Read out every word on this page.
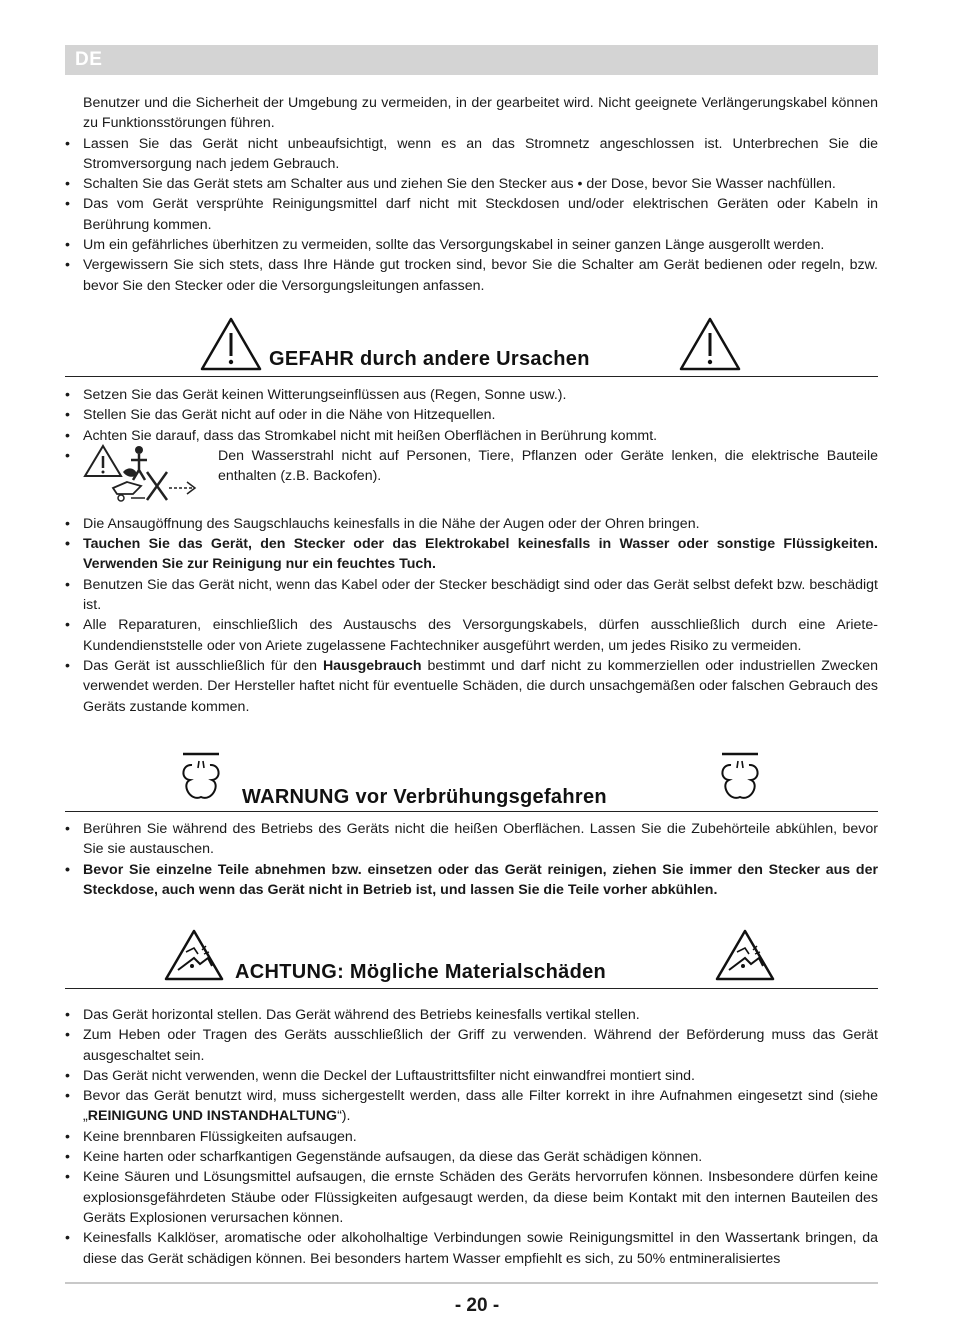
DE

Benutzer und die Sicherheit der Umgebung zu vermeiden, in der gearbeitet wird. Nicht geeignete Verlängerungskabel können zu Funktionsstörungen führen.

• Lassen Sie das Gerät nicht unbeaufsichtigt, wenn es an das Stromnetz angeschlossen ist. Unterbrechen Sie die Stromversorgung nach jedem Gebrauch.
• Schalten Sie das Gerät stets am Schalter aus und ziehen Sie den Stecker aus • der Dose, bevor Sie Wasser nachfüllen.
• Das vom Gerät versprühte Reinigungsmittel darf nicht mit Steckdosen und/oder elektrischen Geräten oder Kabeln in Berührung kommen.
• Um ein gefährliches überhitzen zu vermeiden, sollte das Versorgungskabel in seiner ganzen Länge ausgerollt werden.
• Vergewissern Sie sich stets, dass Ihre Hände gut trocken sind, bevor Sie die Schalter am Gerät bedienen oder regeln, bzw. bevor Sie den Stecker oder die Versorgungsleitungen anfassen.
GEFAHR durch andere Ursachen
• Setzen Sie das Gerät keinen Witterungseinflüssen aus (Regen, Sonne usw.).
• Stellen Sie das Gerät nicht auf oder in die Nähe von Hitzequellen.
• Achten Sie darauf, dass das Stromkabel nicht mit heißen Oberflächen in Berührung kommt.
• Den Wasserstrahl nicht auf Personen, Tiere, Pflanzen oder Geräte lenken, die elektrische Bauteile enthalten (z.B. Backofen).
• Die Ansaugöffnung des Saugschlauchs keinesfalls in die Nähe der Augen oder der Ohren bringen.
• Tauchen Sie das Gerät, den Stecker oder das Elektrokabel keinesfalls in Wasser oder sonstige Flüssigkeiten. Verwenden Sie zur Reinigung nur ein feuchtes Tuch.
• Benutzen Sie das Gerät nicht, wenn das Kabel oder der Stecker beschädigt sind oder das Gerät selbst defekt bzw. beschädigt ist.
• Alle Reparaturen, einschließlich des Austauschs des Versorgungskabels, dürfen ausschließlich durch eine Ariete-Kundendienststelle oder von Ariete zugelassene Fachtechniker ausgeführt werden, um jedes Risiko zu vermeiden.
• Das Gerät ist ausschließlich für den Hausgebrauch bestimmt und darf nicht zu kommerziellen oder industriellen Zwecken verwendet werden. Der Hersteller haftet nicht für eventuelle Schäden, die durch unsachgemäßen oder falschen Gebrauch des Geräts zustande kommen.
WARNUNG vor Verbrühungsgefahren
• Berühren Sie während des Betriebs des Geräts nicht die heißen Oberflächen. Lassen Sie die Zubehörteile abkühlen, bevor Sie sie austauschen.
• Bevor Sie einzelne Teile abnehmen bzw. einsetzen oder das Gerät reinigen, ziehen Sie immer den Stecker aus der Steckdose, auch wenn das Gerät nicht in Betrieb ist, und lassen Sie die Teile vorher abkühlen.
ACHTUNG: Mögliche Materialschäden
• Das Gerät horizontal stellen. Das Gerät während des Betriebs keinesfalls vertikal stellen.
• Zum Heben oder Tragen des Geräts ausschließlich der Griff zu verwenden. Während der Beförderung muss das Gerät ausgeschaltet sein.
• Das Gerät nicht verwenden, wenn die Deckel der Luftaustrittsfilter nicht einwandfrei montiert sind.
• Bevor das Gerät benutzt wird, muss sichergestellt werden, dass alle Filter korrekt in ihre Aufnahmen eingesetzt sind (siehe „REINIGUNG UND INSTANDHALTUNG“).
• Keine brennbaren Flüssigkeiten aufsaugen.
• Keine harten oder scharfkantigen Gegenstände aufsaugen, da diese das Gerät schädigen können.
• Keine Säuren und Lösungsmittel aufsaugen, die ernste Schäden des Geräts hervorrufen können. Insbesondere dürfen keine explosionsgefährdeten Stäube oder Flüssigkeiten aufgesaugt werden, da diese beim Kontakt mit den internen Bauteilen des Geräts Explosionen verursachen können.
• Keinesfalls Kalklöser, aromatische oder alkoholhaltige Verbindungen sowie Reinigungsmittel in den Wassertank bringen, da diese das Gerät schädigen können. Bei besonders hartem Wasser empfiehlt es sich, zu 50% entmineralisiertes
- 20 -
